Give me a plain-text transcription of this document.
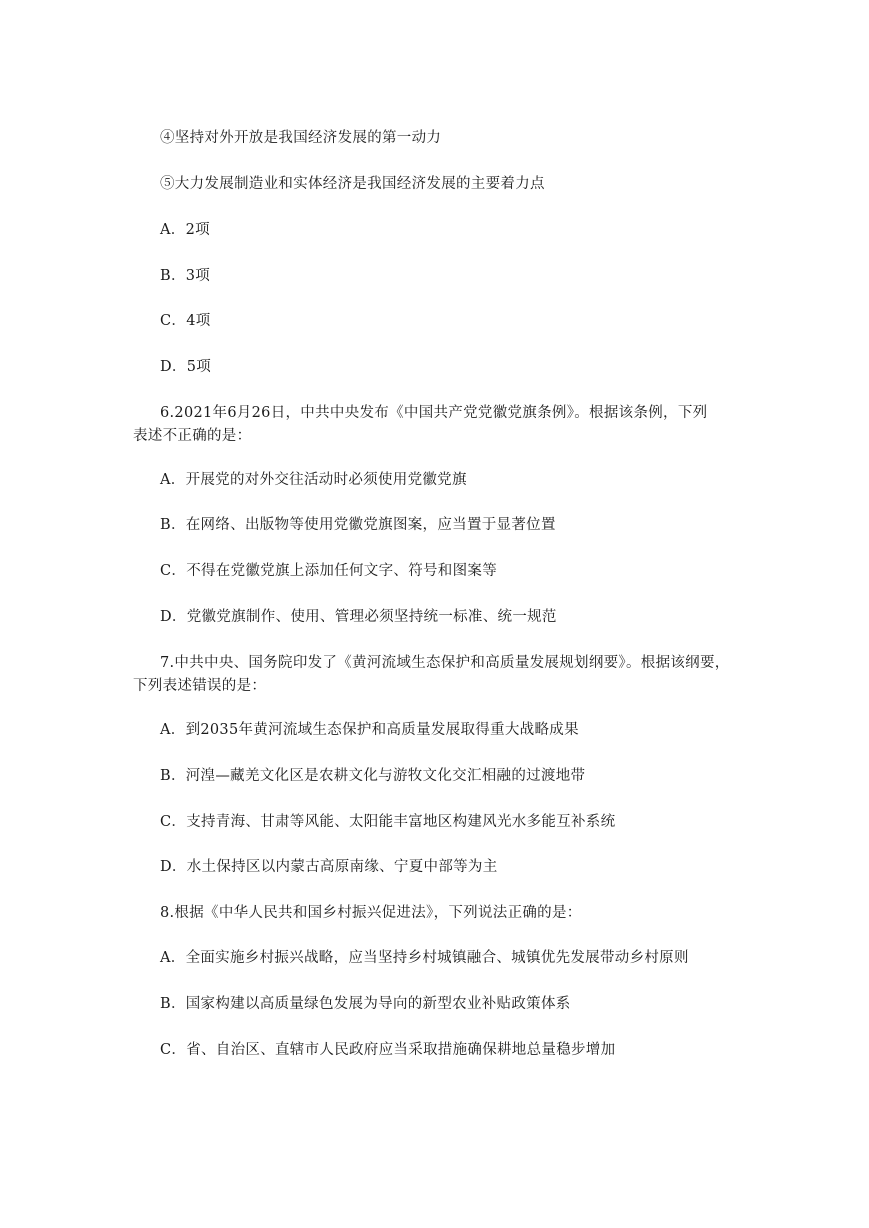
④坚持对外开放是我国经济发展的第一动力
⑤大力发展制造业和实体经济是我国经济发展的主要着力点
A．2项
B．3项
C．4项
D．5项
6.2021年6月26日，中共中央发布《中国共产党党徽党旗条例》。根据该条例，下列
表述不正确的是：
A．开展党的对外交往活动时必须使用党徽党旗
B．在网络、出版物等使用党徽党旗图案，应当置于显著位置
C．不得在党徽党旗上添加任何文字、符号和图案等
D．党徽党旗制作、使用、管理必须坚持统一标准、统一规范
7.中共中央、国务院印发了《黄河流域生态保护和高质量发展规划纲要》。根据该纲要，
下列表述错误的是：
A．到2035年黄河流域生态保护和高质量发展取得重大战略成果
B．河湟—藏羌文化区是农耕文化与游牧文化交汇相融的过渡地带
C．支持青海、甘肃等风能、太阳能丰富地区构建风光水多能互补系统
D．水土保持区以内蒙古高原南缘、宁夏中部等为主
8.根据《中华人民共和国乡村振兴促进法》，下列说法正确的是：
A．全面实施乡村振兴战略，应当坚持乡村城镇融合、城镇优先发展带动乡村原则
B．国家构建以高质量绿色发展为导向的新型农业补贴政策体系
C．省、自治区、直辖市人民政府应当采取措施确保耕地总量稳步增加
